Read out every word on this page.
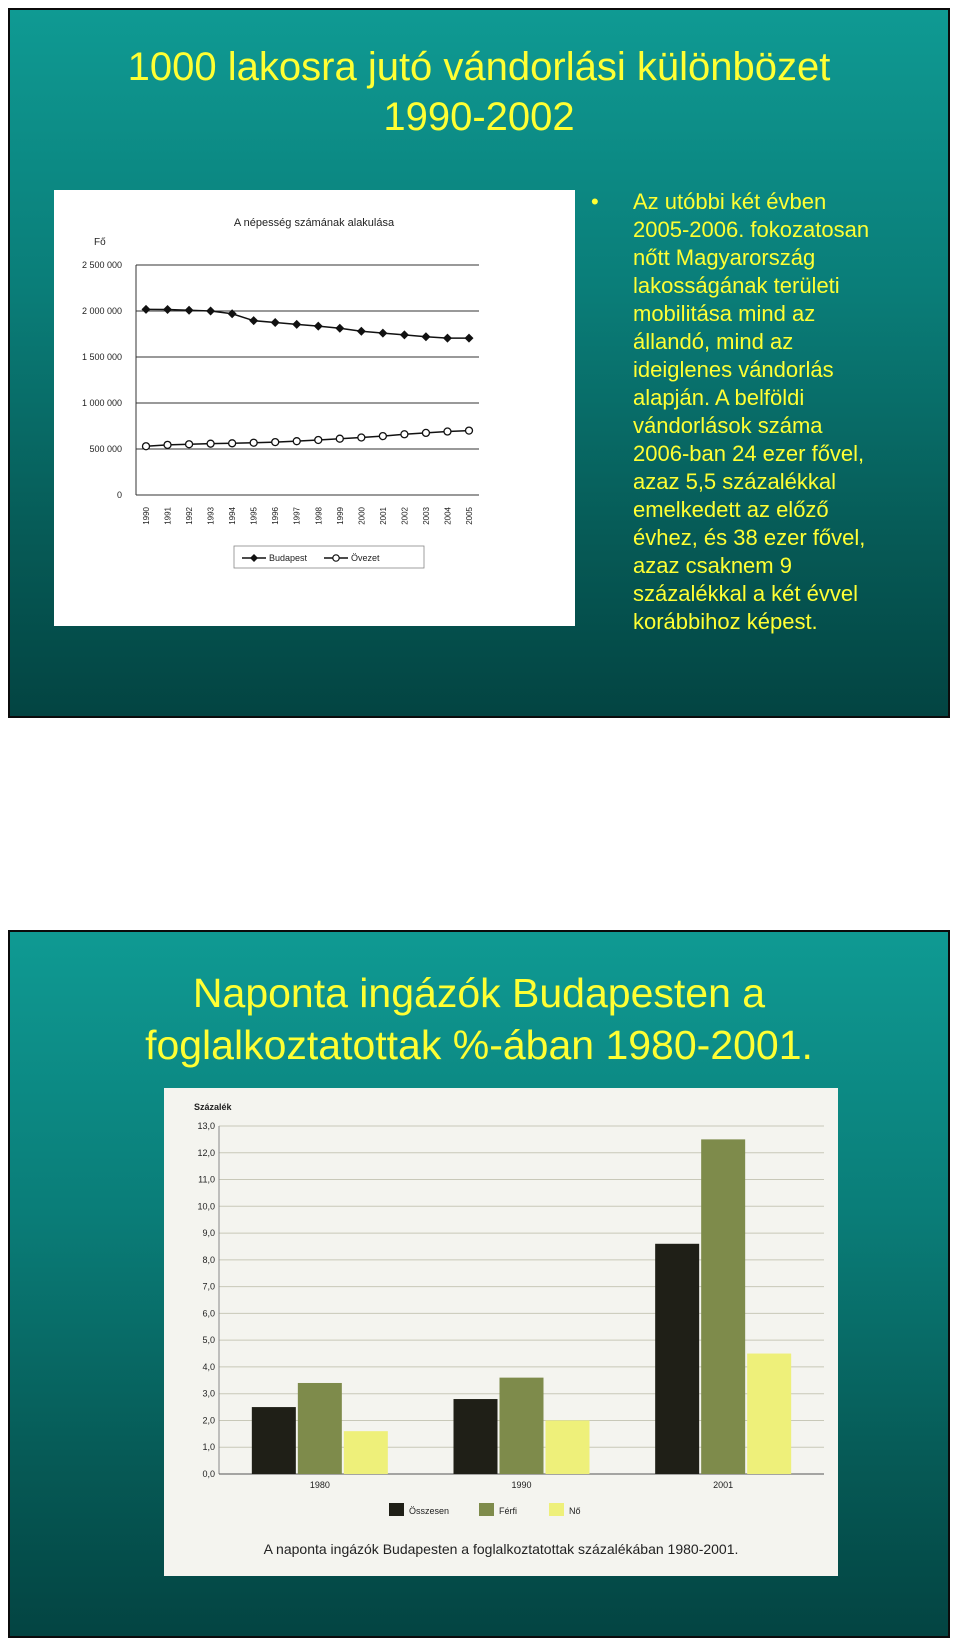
1000 lakosra jutó vándorlási különbözet
1990-2002
A népesség számának alakulása
Fő
0
500 000
1 000 000
1 500 000
2 000 000
2 500 000
1990 1991 1992 1993 1994 1995 1996 1997 1998 1999 2000 2001 2002 2003 2004 2005
Budapest	Övezet
• Az utóbbi két évben
2005-2006. fokozatosan
nőtt Magyarország
lakosságának területi
mobilitása mind az
állandó, mind az
ideiglenes vándorlás
alapján. A belföldi
vándorlások száma
2006-ban 24 ezer fővel,
azaz 5,5 százalékkal
emelkedett az előző
évhez, és 38 ezer fővel,
azaz csaknem 9
százalékkal a két évvel
korábbihoz képest.
Naponta ingázók Budapesten a
foglalkoztatottak %-ában 1980-2001.
Százalék
0,0
1,0
2,0
3,0
4,0
5,0
6,0
7,0
8,0
9,0
10,0
11,0
12,0
13,0
1980	1990	2001
Összesen	Férfi	Nő
A naponta ingázók Budapesten a foglalkoztatottak százalékában 1980-2001.
